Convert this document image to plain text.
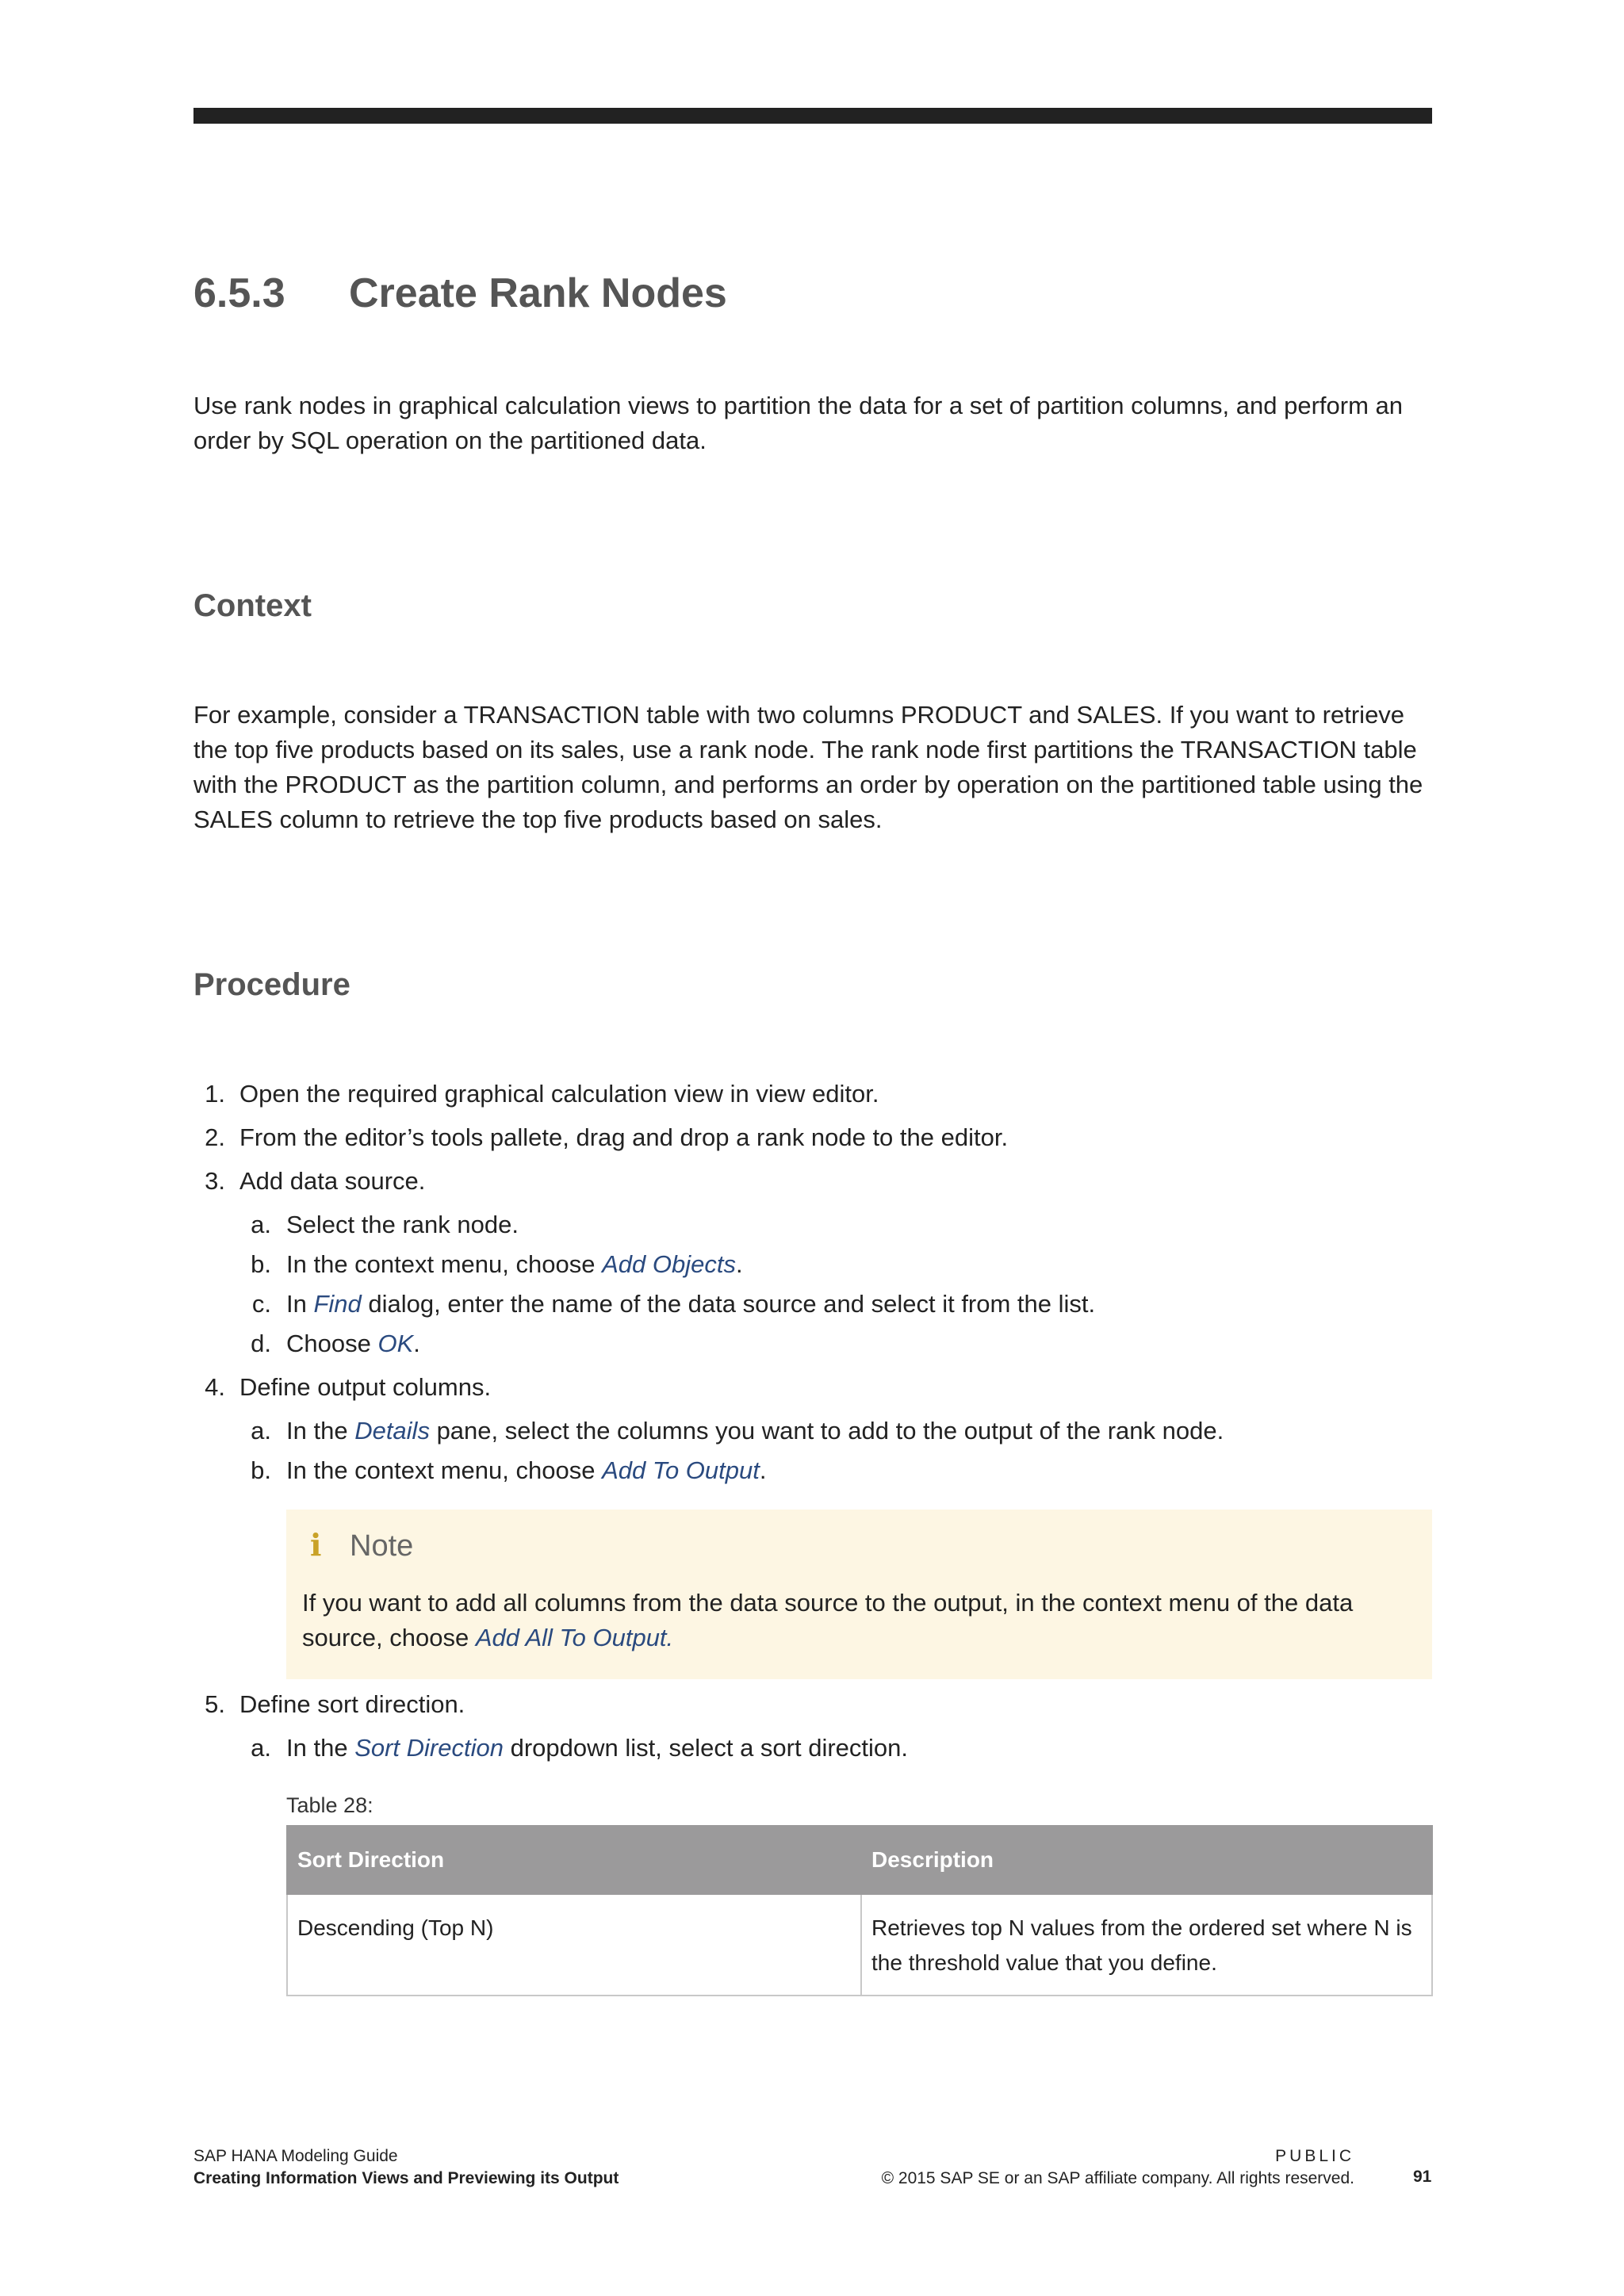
6.5.3 Create Rank Nodes

Use rank nodes in graphical calculation views to partition the data for a set of partition columns, and perform an order by SQL operation on the partitioned data.

Context

For example, consider a TRANSACTION table with two columns PRODUCT and SALES. If you want to retrieve the top five products based on its sales, use a rank node. The rank node first partitions the TRANSACTION table with the PRODUCT as the partition column, and performs an order by operation on the partitioned table using the SALES column to retrieve the top five products based on sales.

Procedure
1. Open the required graphical calculation view in view editor.
2. From the editor’s tools pallete, drag and drop a rank node to the editor.
3. Add data source.
a. Select the rank node.
b. In the context menu, choose Add Objects.
c. In Find dialog, enter the name of the data source and select it from the list.
d. Choose OK.
4. Define output columns.
a. In the Details pane, select the columns you want to add to the output of the rank node.
b. In the context menu, choose Add To Output.
5. Define sort direction.
a. In the Sort Direction dropdown list, select a sort direction.
i Note

If you want to add all columns from the data source to the output, in the context menu of the data source, choose Add All To Output.

Table 28:

Sort Direction	Description
Descending (Top N)	Retrieves top N values from the ordered set where N is the threshold value that you define.
SAP HANA Modeling Guide
Creating Information Views and Previewing its Output
PUBLIC
© 2015 SAP SE or an SAP affiliate company. All rights reserved.	91
